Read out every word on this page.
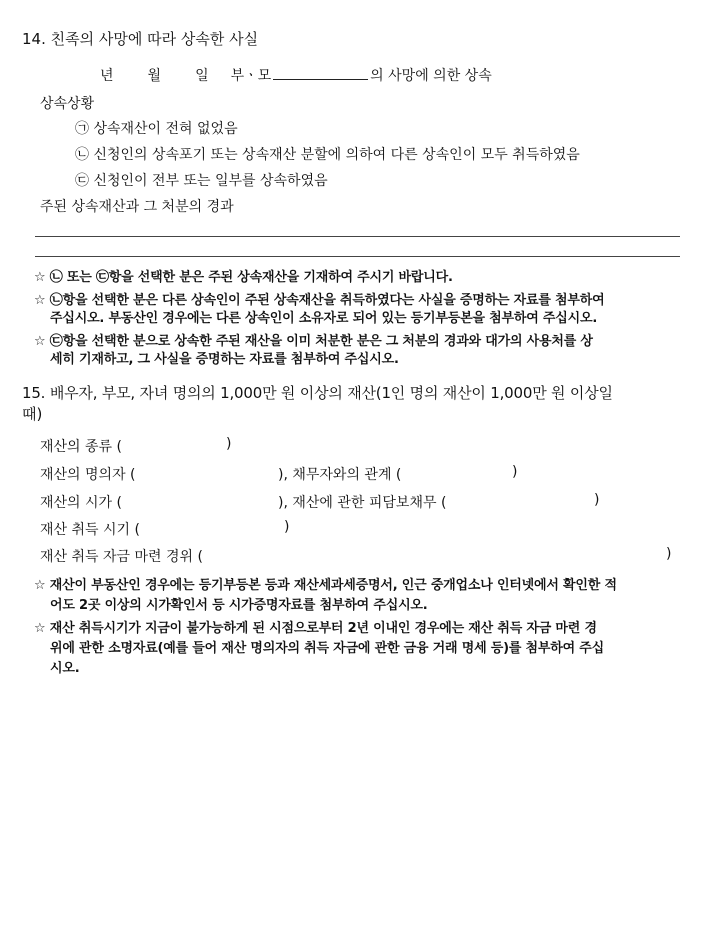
14. 친족의 사망에 따라 상속한 사실
년 월 일 부ㆍ모	의 사망에 의한 상속
상속상황
㉠ 상속재산이 전혀 없었음
㉡ 신청인의 상속포기 또는 상속재산 분할에 의하여 다른 상속인이 모두 취득하였음
㉢ 신청인이 전부 또는 일부를 상속하였음
주된 상속재산과 그 처분의 경과
☆ ㉡ 또는 ㉢항을 선택한 분은 주된 상속재산을 기재하여 주시기 바랍니다.
☆ ㉡항을 선택한 분은 다른 상속인이 주된 상속재산을 취득하였다는 사실을 증명하는 자료를 첨부하여
주십시오. 부동산인 경우에는 다른 상속인이 소유자로 되어 있는 등기부등본을 첨부하여 주십시오.
☆ ㉢항을 선택한 분으로 상속한 주된 재산을 이미 처분한 분은 그 처분의 경과와 대가의 사용처를 상
세히 기재하고, 그 사실을 증명하는 자료를 첨부하여 주십시오.
15. 배우자, 부모, 자녀 명의의 1,000만 원 이상의 재산(1인 명의 재산이 1,000만 원 이상일
때)
재산의 종류 (	)
재산의 명의자 (	), 채무자와의 관계 (	)
재산의 시가 (	), 재산에 관한 피담보채무 (	)
재산 취득 시기 (	)
재산 취득 자금 마련 경위 (	)
☆ 재산이 부동산인 경우에는 등기부등본 등과 재산세과세증명서, 인근 중개업소나 인터넷에서 확인한 적
어도 2곳 이상의 시가확인서 등 시가증명자료를 첨부하여 주십시오.
☆ 재산 취득시기가 지금이 불가능하게 된 시점으로부터 2년 이내인 경우에는 재산 취득 자금 마련 경
위에 관한 소명자료(예를 들어 재산 명의자의 취득 자금에 관한 금융 거래 명세 등)를 첨부하여 주십
시오.
